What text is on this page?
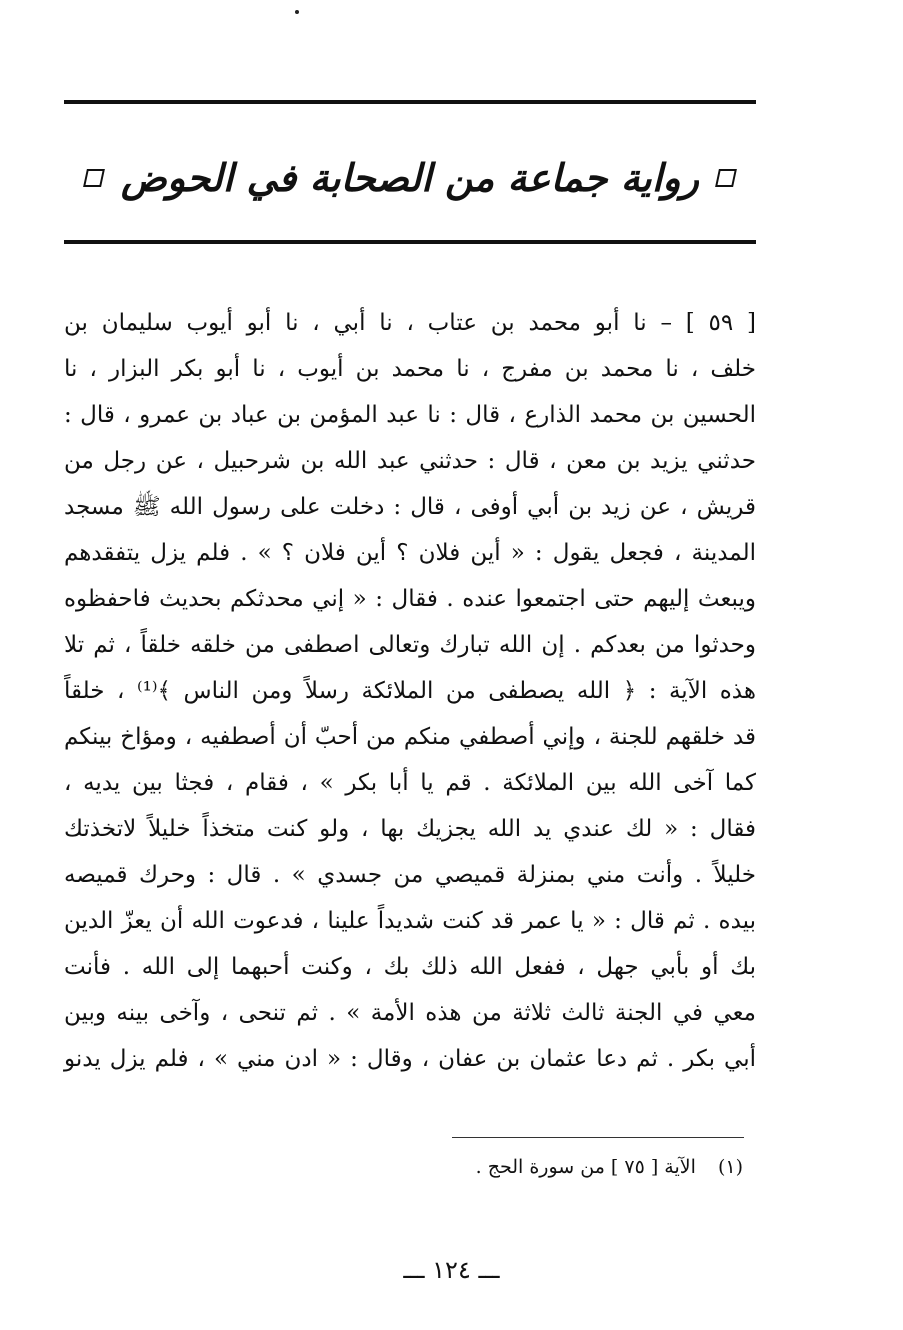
رواية جماعة من الصحابة في الحوض
[ ٥٩ ] – نا أبو محمد بن عتاب ، نا أبي ، نا أبو أيوب سليمان بن
خلف ، نا محمد بن مفرج ، نا محمد بن أيوب ، نا أبو بكر البزار ، نا
الحسين بن محمد الذارع ، قال : نا عبد المؤمن بن عباد بن عمرو ، قال :
حدثني يزيد بن معن ، قال : حدثني عبد الله بن شرحبيل ، عن رجل من
قريش ، عن زيد بن أبي أوفى ، قال : دخلت على رسول الله ﷺ مسجد
المدينة ، فجعل يقول : « أين فلان ؟ أين فلان ؟ » . فلم يزل يتفقدهم
ويبعث إليهم حتى اجتمعوا عنده . فقال : « إني محدثكم بحديث فاحفظوه
وحدثوا من بعدكم . إن الله تبارك وتعالى اصطفى من خلقه خلقاً ، ثم تلا
هذه الآية : ﴿ الله يصطفى من الملائكة رسلاً ومن الناس ﴾⁽¹⁾ ، خلقاً
قد خلقهم للجنة ، وإني أصطفي منكم من أحبّ أن أصطفيه ، ومؤاخ بينكم
كما آخى الله بين الملائكة . قم يا أبا بكر » ، فقام ، فجثا بين يديه ،
فقال : « لك عندي يد الله يجزيك بها ، ولو كنت متخذاً خليلاً لاتخذتك
خليلاً . وأنت مني بمنزلة قميصي من جسدي » . قال : وحرك قميصه
بيده . ثم قال : « يا عمر قد كنت شديداً علينا ، فدعوت الله أن يعزّ الدين
بك أو بأبي جهل ، ففعل الله ذلك بك ، وكنت أحبهما إلى الله . فأنت
معي في الجنة ثالث ثلاثة من هذه الأمة » . ثم تنحى ، وآخى بينه وبين
أبي بكر . ثم دعا عثمان بن عفان ، وقال : « ادن مني » ، فلم يزل يدنو
(١) الآية [ ٧٥ ] من سورة الحج .
ـــ ١٢٤ ـــ
